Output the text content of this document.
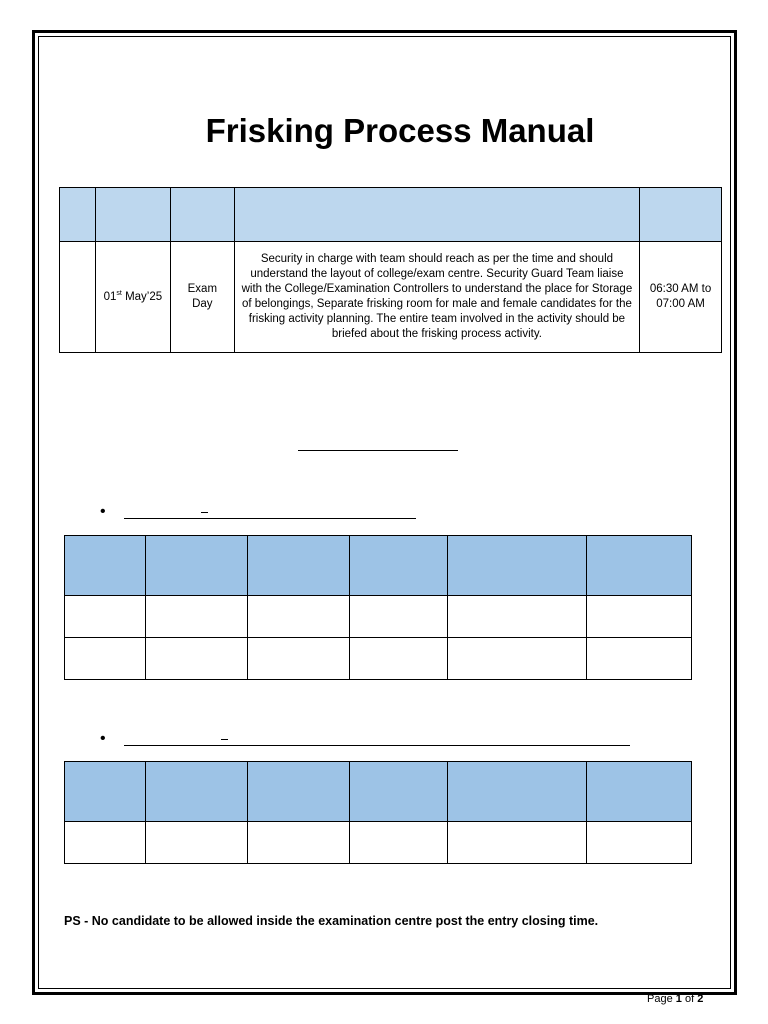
Frisking Process Manual

	01st May’25	Exam Day	Security in charge with team should reach as per the time and should understand the layout of college/exam centre. Security Guard Team liaise with the College/Examination Controllers to understand the place for Storage of belongings, Separate frisking room for male and female candidates for the frisking activity planning. The entire team involved in the activity should be briefed about the frisking process activity.	06:30 AM to 07:00 AM
•

•

PS - No candidate to be allowed inside the examination centre post the entry closing time.
Page 1 of 2
